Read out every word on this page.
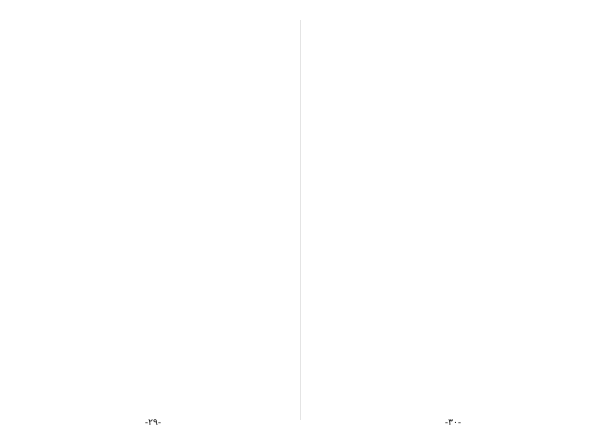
-٢٩-	-٣٠-
